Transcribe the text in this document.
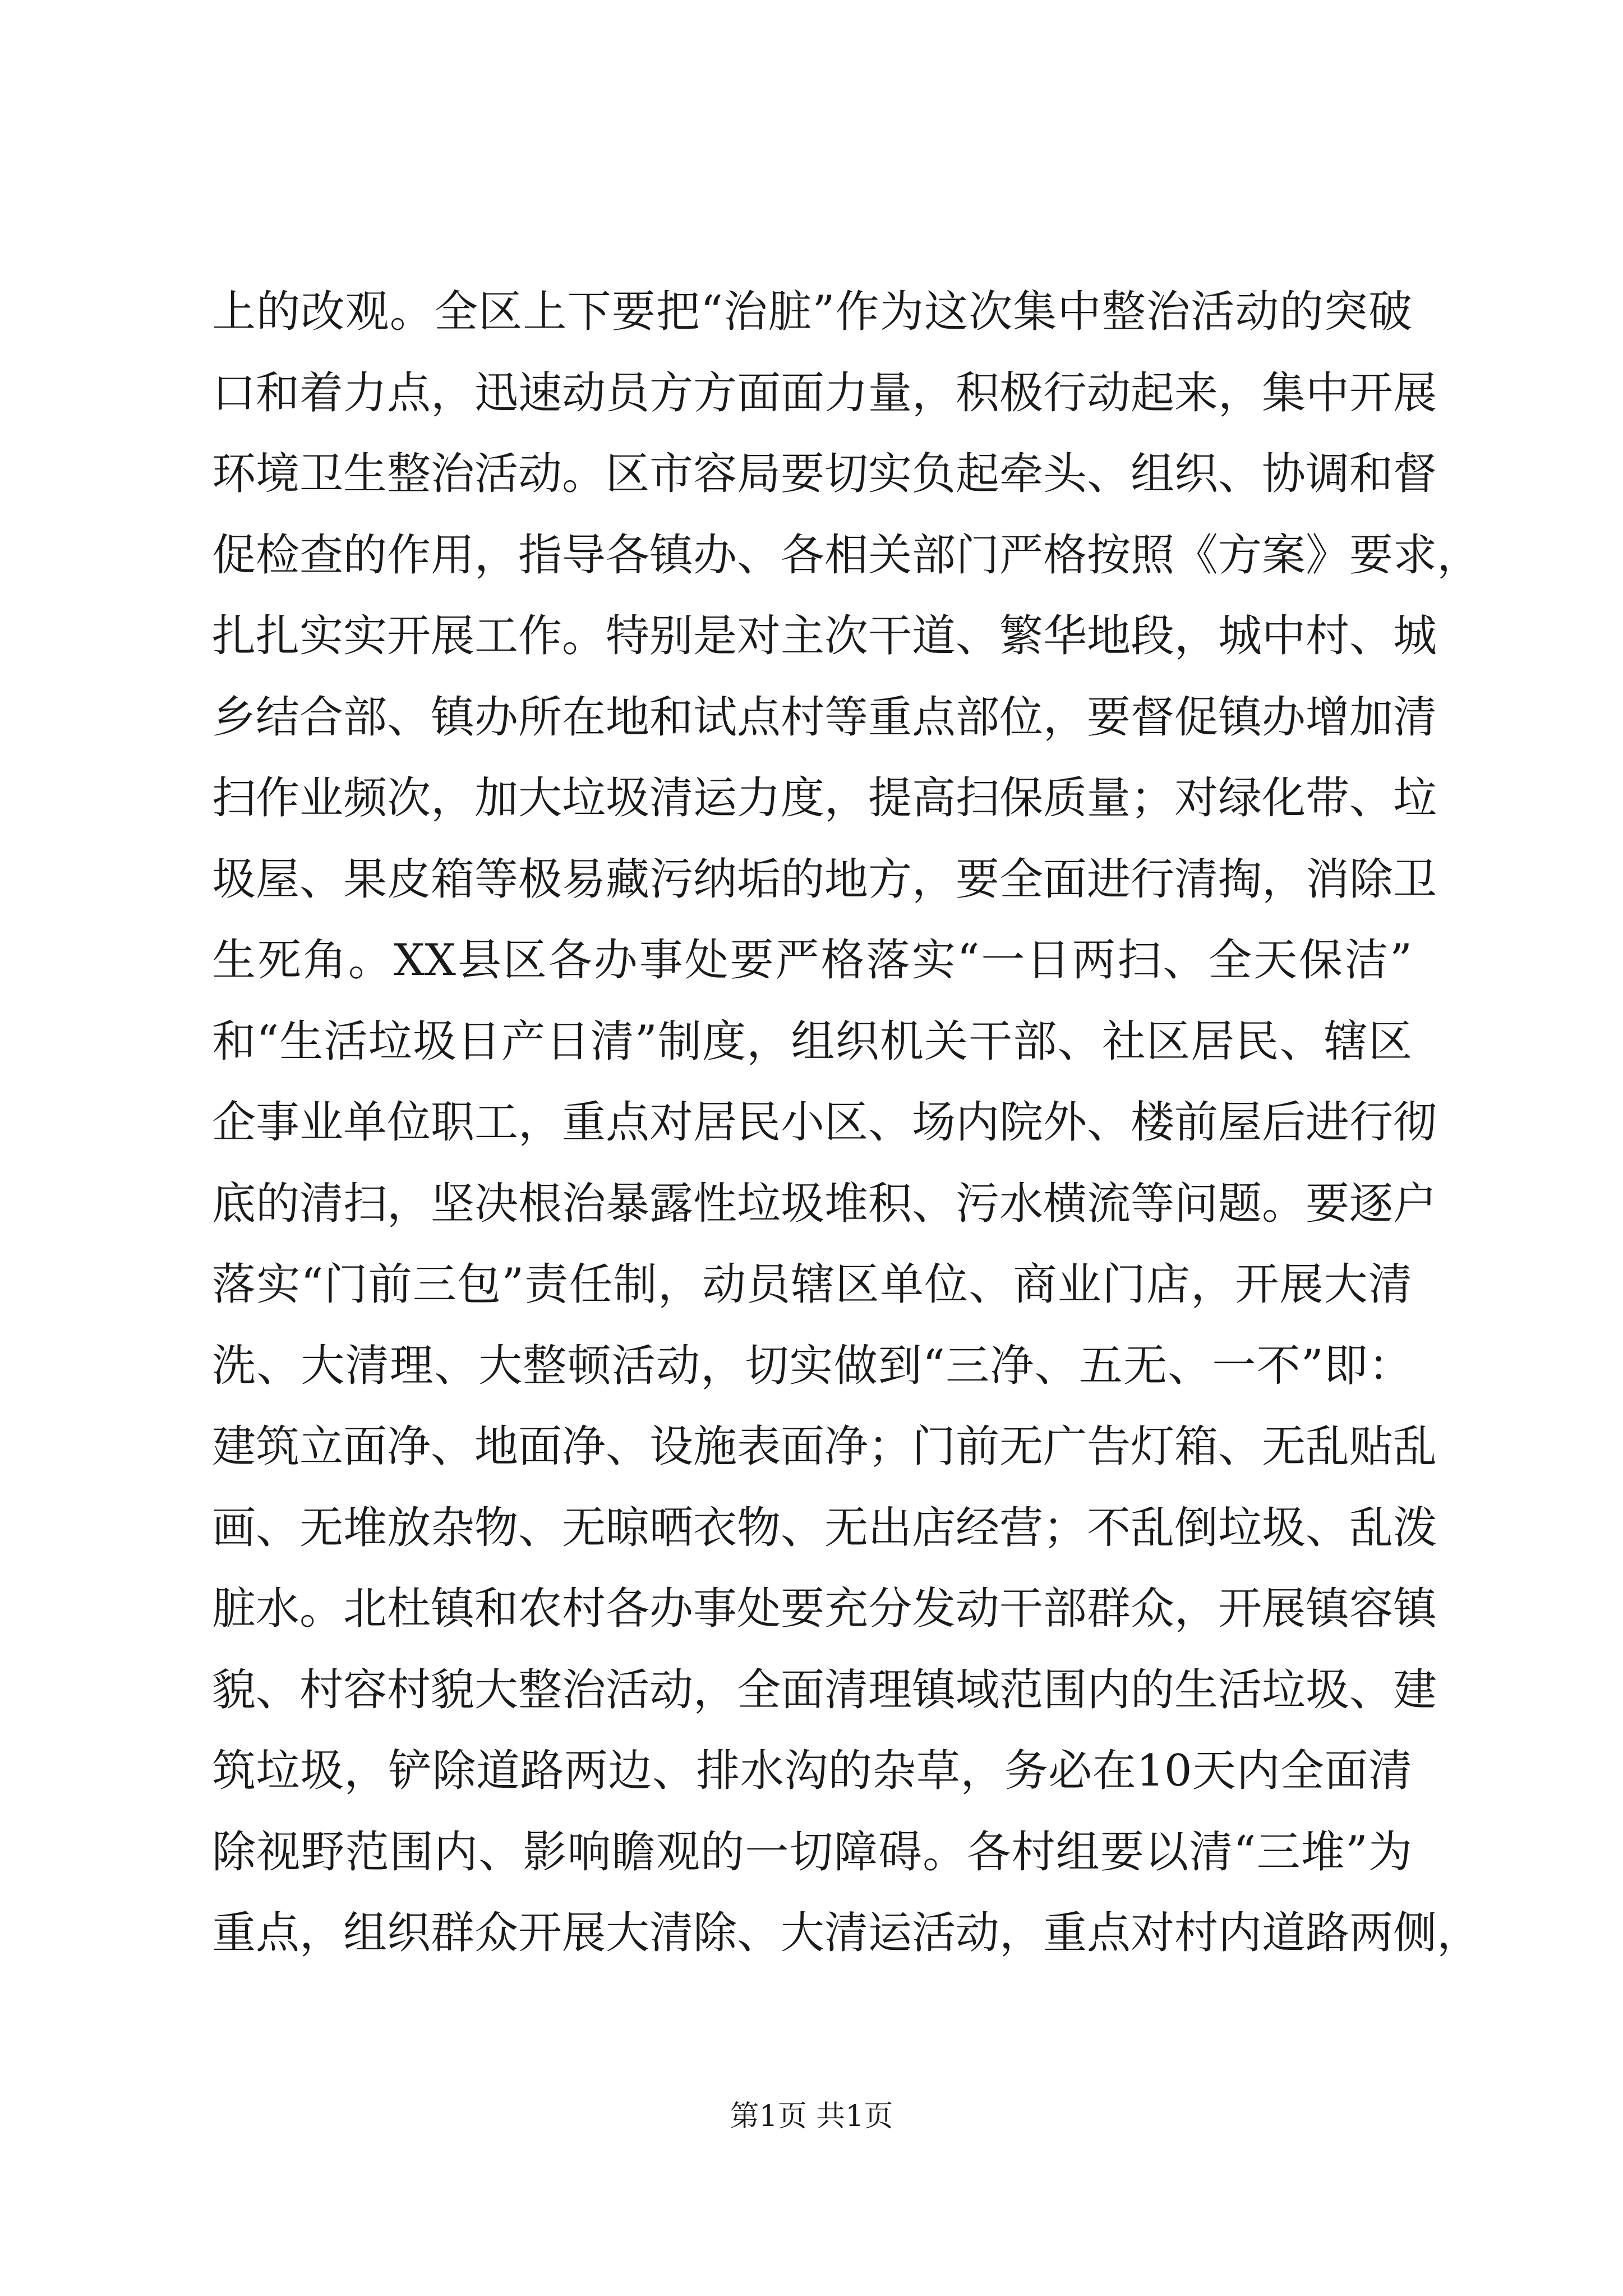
上的改观。全区上下要把“治脏”作为这次集中整治活动的突破
口和着力点，迅速动员方方面面力量，积极行动起来，集中开展
环境卫生整治活动。区市容局要切实负起牵头、组织、协调和督
促检查的作用，指导各镇办、各相关部门严格按照《方案》要求，
扎扎实实开展工作。特别是对主次干道、繁华地段，城中村、城
乡结合部、镇办所在地和试点村等重点部位，要督促镇办增加清
扫作业频次，加大垃圾清运力度，提高扫保质量；对绿化带、垃
圾屋、果皮箱等极易藏污纳垢的地方，要全面进行清掏，消除卫
生死角。XX县区各办事处要严格落实“一日两扫、全天保洁”
和“生活垃圾日产日清”制度，组织机关干部、社区居民、辖区
企事业单位职工，重点对居民小区、场内院外、楼前屋后进行彻
底的清扫，坚决根治暴露性垃圾堆积、污水横流等问题。要逐户
落实“门前三包”责任制，动员辖区单位、商业门店，开展大清
洗、大清理、大整顿活动，切实做到“三净、五无、一不”即：
建筑立面净、地面净、设施表面净；门前无广告灯箱、无乱贴乱
画、无堆放杂物、无晾晒衣物、无出店经营；不乱倒垃圾、乱泼
脏水。北杜镇和农村各办事处要充分发动干部群众，开展镇容镇
貌、村容村貌大整治活动，全面清理镇域范围内的生活垃圾、建
筑垃圾，铲除道路两边、排水沟的杂草，务必在10天内全面清
除视野范围内、影响瞻观的一切障碍。各村组要以清“三堆”为
重点，组织群众开展大清除、大清运活动，重点对村内道路两侧，
第1页 共1页
